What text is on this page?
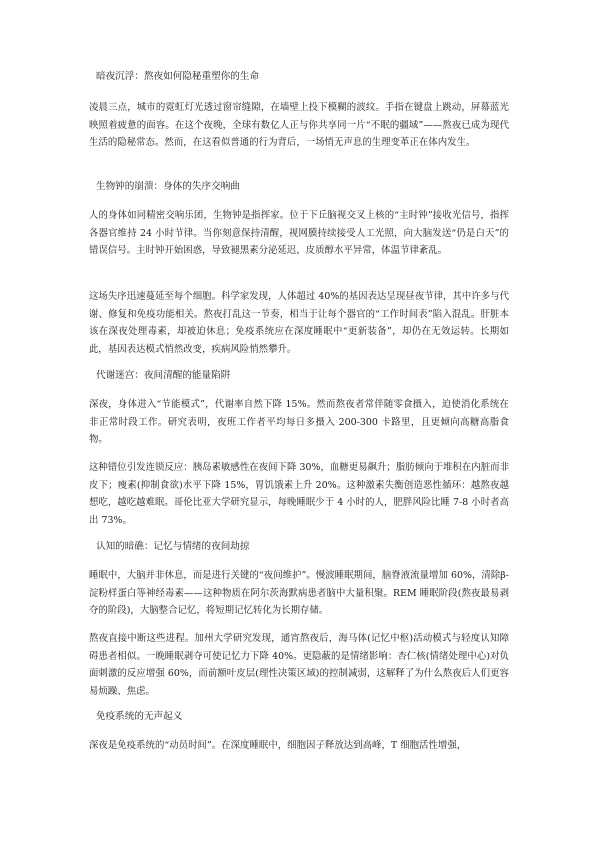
暗夜沉浮：熬夜如何隐秘重塑你的生命
凌晨三点，城市的霓虹灯光透过窗帘缝隙，在墙壁上投下模糊的波纹。手指在键盘上跳动，屏幕蓝光映照着疲惫的面容。在这个夜晚，全球有数亿人正与你共享同一片“不眠的疆域”——熬夜已成为现代生活的隐秘常态。然而，在这看似普通的行为背后，一场悄无声息的生理变革正在体内发生。
生物钟的崩溃：身体的失序交响曲
人的身体如同精密交响乐团，生物钟是指挥家。位于下丘脑视交叉上核的“主时钟”接收光信号，指挥各器官维持 24 小时节律。当你刻意保持清醒，视网膜持续接受人工光照，向大脑发送“仍是白天”的错误信号。主时钟开始困惑，导致褪黑素分泌延迟，皮质醇水平异常，体温节律紊乱。
这场失序迅速蔓延至每个细胞。科学家发现，人体超过 40%的基因表达呈现昼夜节律，其中许多与代谢、修复和免疫功能相关。熬夜打乱这一节奏，相当于让每个器官的“工作时间表”陷入混乱。肝脏本该在深夜处理毒素，却被迫休息；免疫系统应在深度睡眠中“更新装备”，却仍在无效运转。长期如此，基因表达模式悄然改变，疾病风险悄然攀升。
代谢迷宫：夜间清醒的能量陷阱
深夜，身体进入“节能模式”，代谢率自然下降 15%。然而熬夜者常伴随零食摄入，迫使消化系统在非正常时段工作。研究表明，夜班工作者平均每日多摄入 200-300 卡路里，且更倾向高糖高脂食物。
这种错位引发连锁反应：胰岛素敏感性在夜间下降 30%，血糖更易飙升；脂肪倾向于堆积在内脏而非皮下；瘦素(抑制食欲)水平下降 15%，胃饥饿素上升 20%。这种激素失衡创造恶性循环：越熬夜越想吃，越吃越难眠。哥伦比亚大学研究显示，每晚睡眠少于 4 小时的人，肥胖风险比睡 7-8 小时者高出 73%。
认知的暗礁：记忆与情绪的夜间劫掠
睡眠中，大脑并非休息，而是进行关键的“夜间维护”。慢波睡眠期间，脑脊液流量增加 60%，清除β-淀粉样蛋白等神经毒素——这种物质在阿尔茨海默病患者脑中大量积聚。REM 睡眠阶段(熬夜最易剥夺的阶段)，大脑整合记忆，将短期记忆转化为长期存储。
熬夜直接中断这些进程。加州大学研究发现，通宵熬夜后，海马体(记忆中枢)活动模式与轻度认知障碍患者相似。一晚睡眠剥夺可使记忆力下降 40%。更隐蔽的是情绪影响：杏仁核(情绪处理中心)对负面刺激的反应增强 60%，而前额叶皮层(理性决策区域)的控制减弱，这解释了为什么熬夜后人们更容易烦躁、焦虑。
免疫系统的无声起义
深夜是免疫系统的“动员时间”。在深度睡眠中，细胞因子释放达到高峰，T 细胞活性增强，
